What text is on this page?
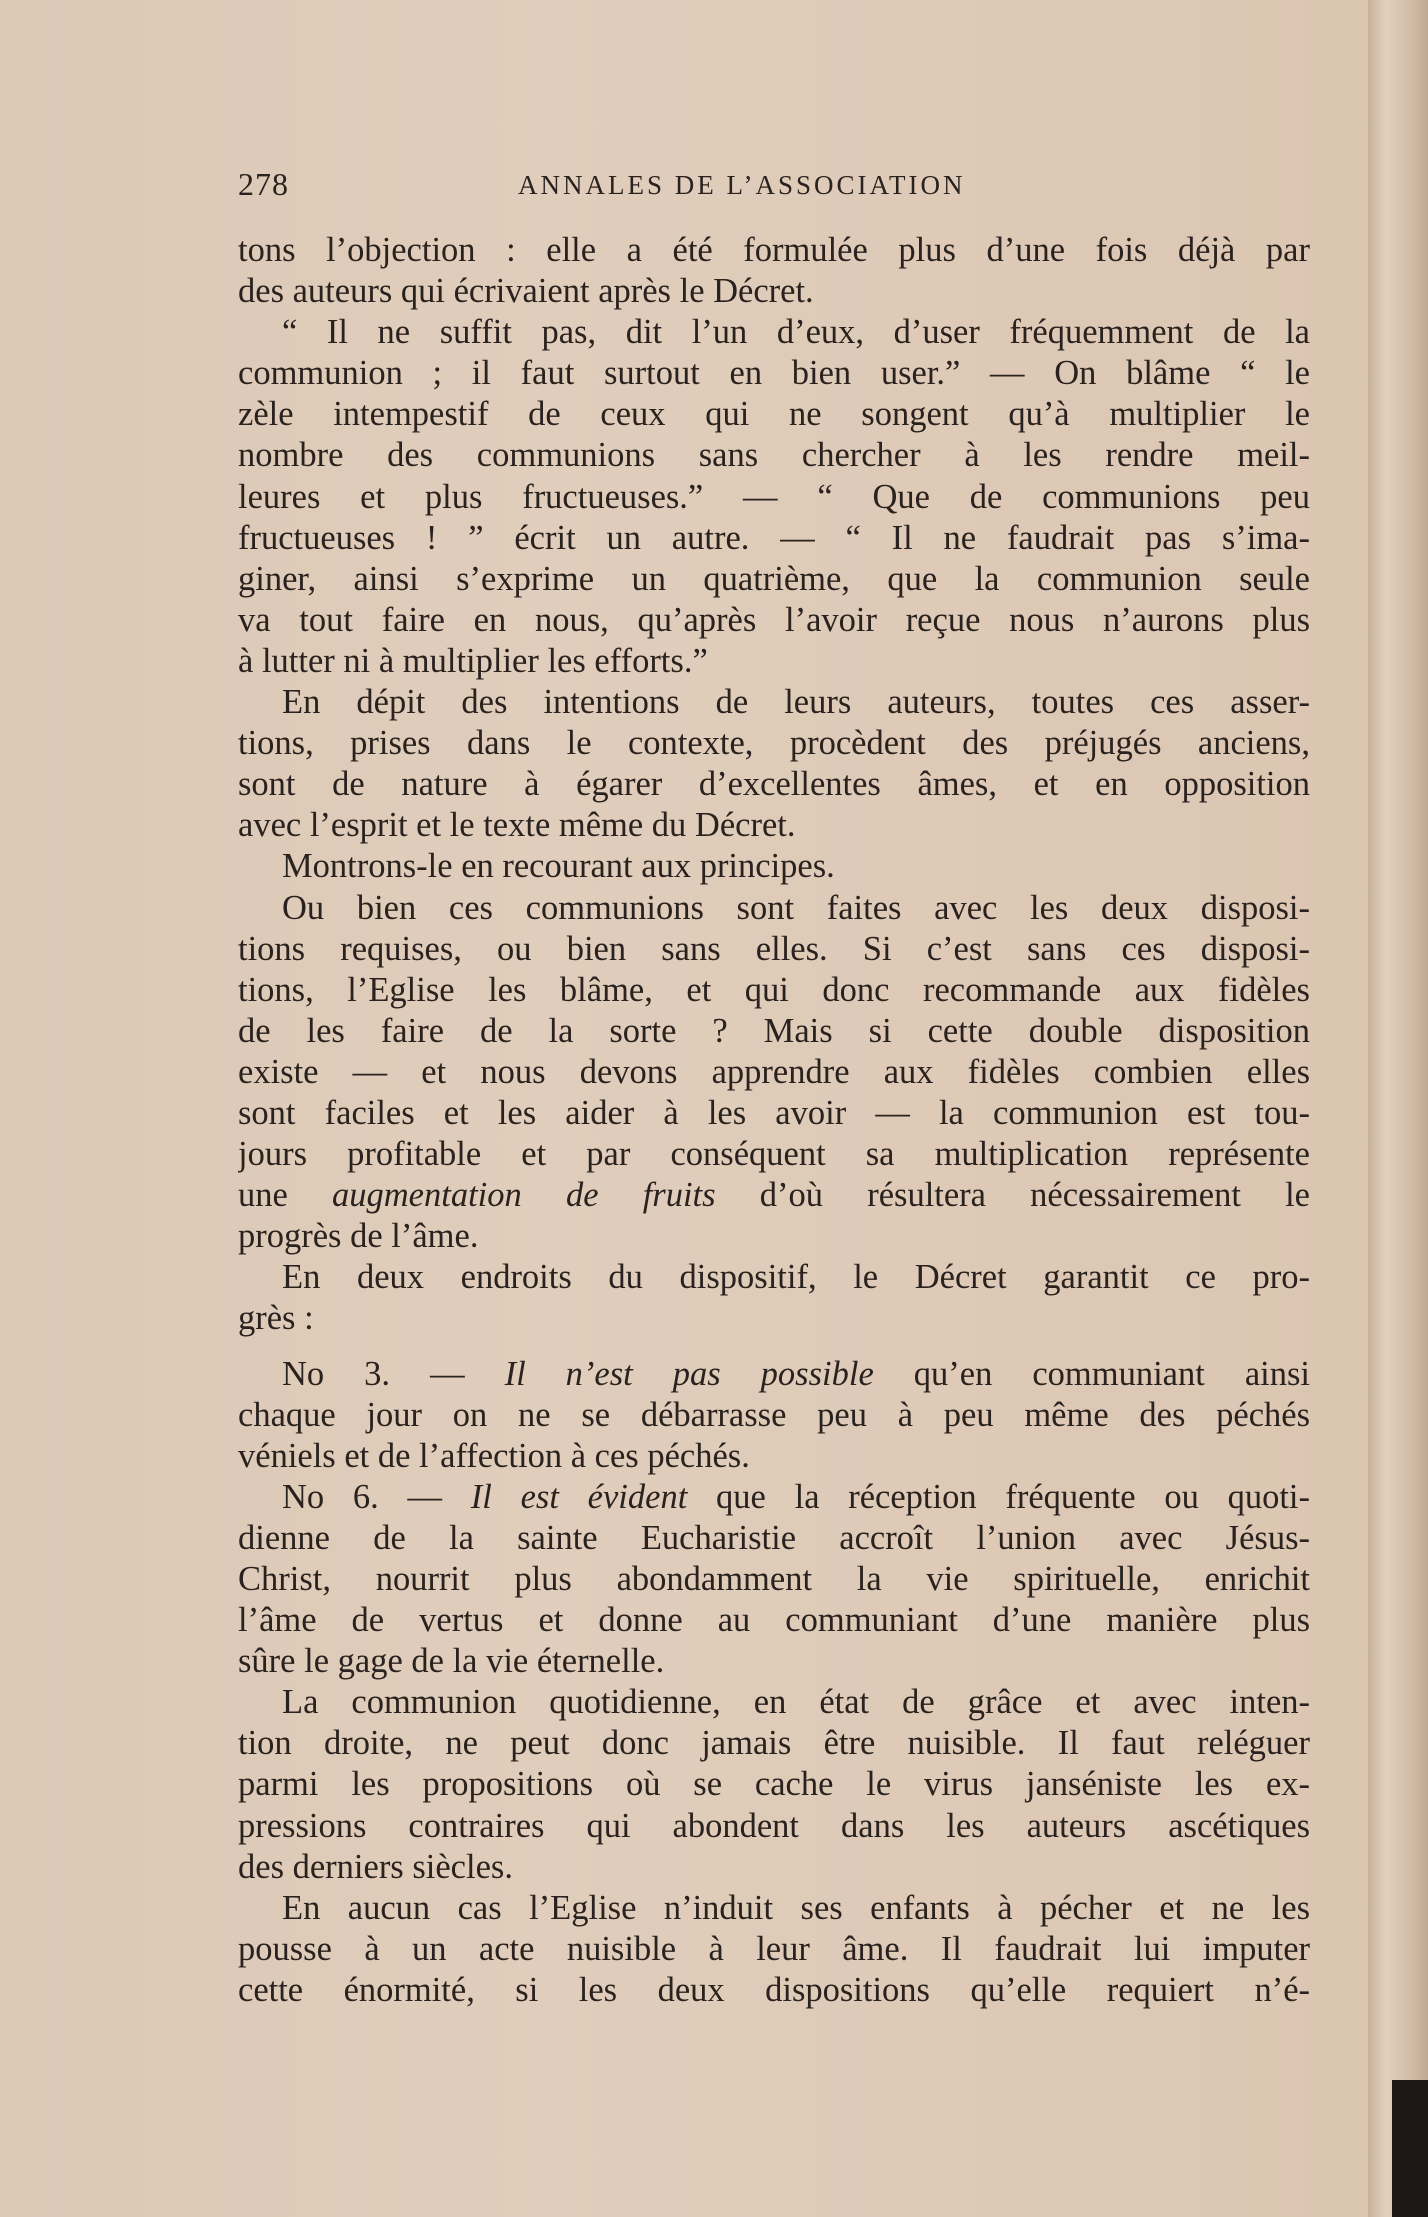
278	ANNALES DE L’ASSOCIATION
tons l’objection : elle a été formulée plus d’une fois déjà par
des auteurs qui écrivaient après le Décret.
“ Il ne suffit pas, dit l’un d’eux, d’user fréquemment de la
communion ; il faut surtout en bien user.” — On blâme “ le
zèle intempestif de ceux qui ne songent qu’à multiplier le
nombre des communions sans chercher à les rendre meil-
leures et plus fructueuses.” — “ Que de communions peu
fructueuses ! ” écrit un autre. — “ Il ne faudrait pas s’ima-
giner, ainsi s’exprime un quatrième, que la communion seule
va tout faire en nous, qu’après l’avoir reçue nous n’aurons plus
à lutter ni à multiplier les efforts.”
En dépit des intentions de leurs auteurs, toutes ces asser-
tions, prises dans le contexte, procèdent des préjugés anciens,
sont de nature à égarer d’excellentes âmes, et en opposition
avec l’esprit et le texte même du Décret.
Montrons-le en recourant aux principes.
Ou bien ces communions sont faites avec les deux disposi-
tions requises, ou bien sans elles. Si c’est sans ces disposi-
tions, l’Eglise les blâme, et qui donc recommande aux fidèles
de les faire de la sorte ? Mais si cette double disposition
existe — et nous devons apprendre aux fidèles combien elles
sont faciles et les aider à les avoir — la communion est tou-
jours profitable et par conséquent sa multiplication représente
une augmentation de fruits d’où résultera nécessairement le
progrès de l’âme.
En deux endroits du dispositif, le Décret garantit ce pro-
grès :
No 3. — Il n’est pas possible qu’en communiant ainsi
chaque jour on ne se débarrasse peu à peu même des péchés
véniels et de l’affection à ces péchés.
No 6. — Il est évident que la réception fréquente ou quoti-
dienne de la sainte Eucharistie accroît l’union avec Jésus-
Christ, nourrit plus abondamment la vie spirituelle, enrichit
l’âme de vertus et donne au communiant d’une manière plus
sûre le gage de la vie éternelle.
La communion quotidienne, en état de grâce et avec inten-
tion droite, ne peut donc jamais être nuisible. Il faut reléguer
parmi les propositions où se cache le virus janséniste les ex-
pressions contraires qui abondent dans les auteurs ascétiques
des derniers siècles.
En aucun cas l’Eglise n’induit ses enfants à pécher et ne les
pousse à un acte nuisible à leur âme. Il faudrait lui imputer
cette énormité, si les deux dispositions qu’elle requiert n’é-
